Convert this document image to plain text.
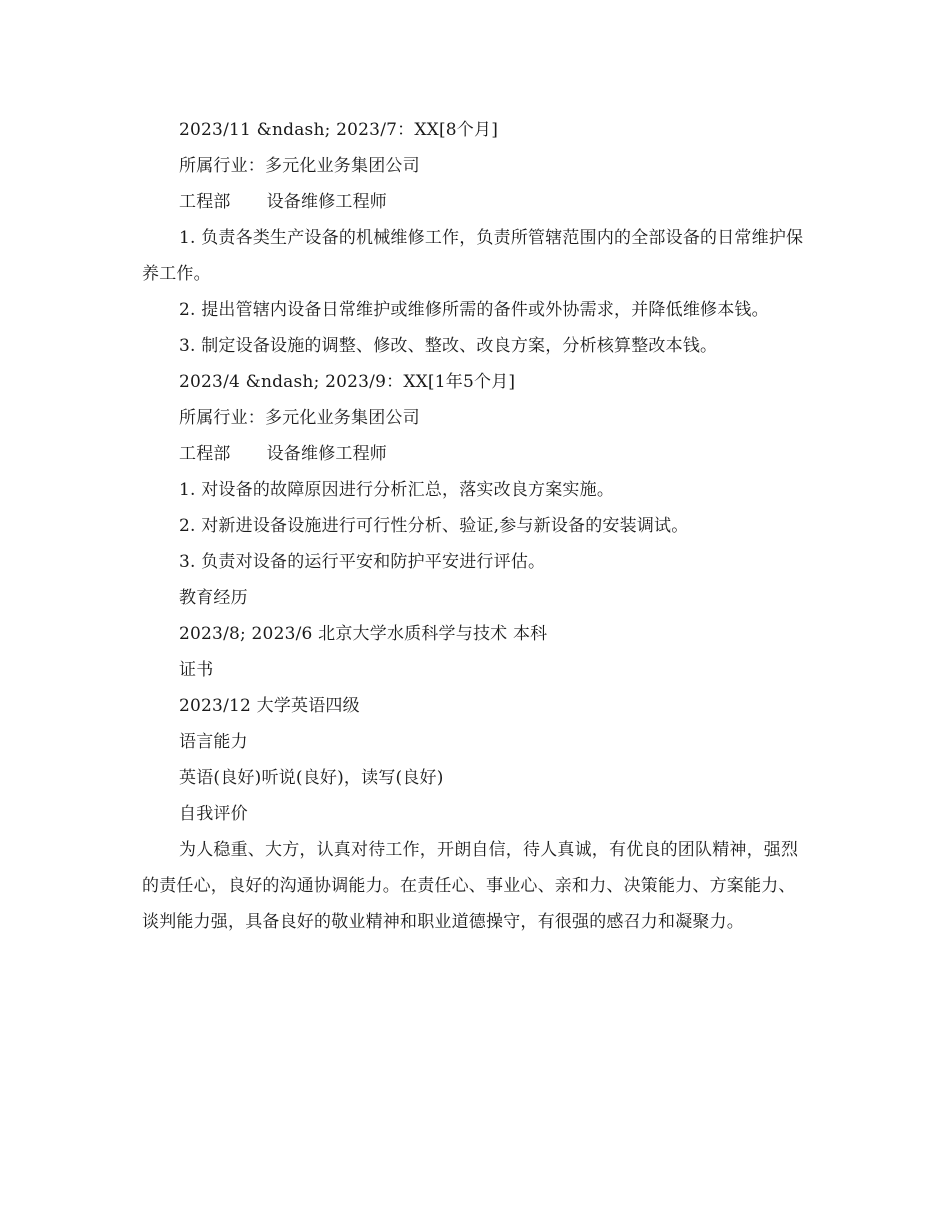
2023/11 &ndash; 2023/7：XX[8个月]

所属行业：多元化业务集团公司

工程部 设备维修工程师

1. 负责各类生产设备的机械维修工作，负责所管辖范围内的全部设备的日常维护保养工作。

2. 提出管辖内设备日常维护或维修所需的备件或外协需求，并降低维修本钱。

3. 制定设备设施的调整、修改、整改、改良方案，分析核算整改本钱。

2023/4 &ndash; 2023/9：XX[1年5个月]

所属行业：多元化业务集团公司

工程部 设备维修工程师

1. 对设备的故障原因进行分析汇总，落实改良方案实施。

2. 对新进设备设施进行可行性分析、验证,参与新设备的安装调试。

3. 负责对设备的运行平安和防护平安进行评估。

教育经历

2023/8; 2023/6 北京大学水质科学与技术 本科

证书

2023/12 大学英语四级

语言能力

英语(良好)听说(良好)，读写(良好)

自我评价

为人稳重、大方，认真对待工作，开朗自信，待人真诚，有优良的团队精神，强烈的责任心，良好的沟通协调能力。在责任心、事业心、亲和力、决策能力、方案能力、谈判能力强，具备良好的敬业精神和职业道德操守，有很强的感召力和凝聚力。
